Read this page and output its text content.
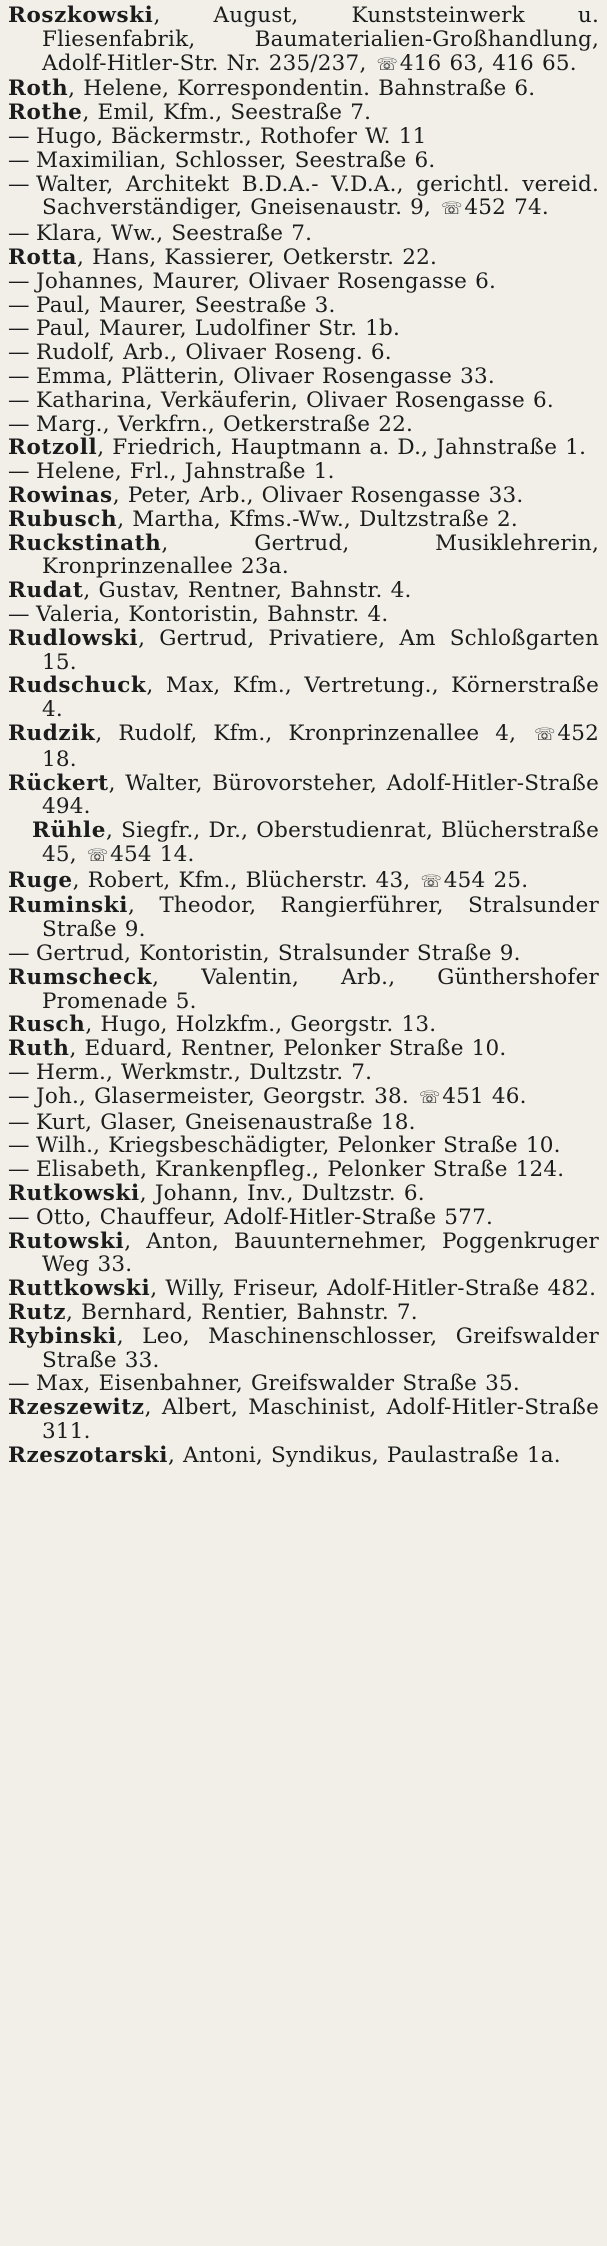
Roszkowski, August, Kunststeinwerk u. Fliesenfabrik, Baumaterialien-Großhandlung, Adolf-Hitler-Str. Nr. 235/237, ☏416 63, 416 65.

Roth, Helene, Korrespondentin. Bahnstraße 6.

Rothe, Emil, Kfm., Seestraße 7.

— Hugo, Bäckermstr., Rothofer W. 11

— Maximilian, Schlosser, Seestraße 6.

— Walter, Architekt B.D.A.- V.D.A., gerichtl. vereid. Sachverständiger, Gneisenaustr. 9, ☏452 74.

— Klara, Ww., Seestraße 7.

Rotta, Hans, Kassierer, Oetkerstr. 22.

— Johannes, Maurer, Olivaer Rosengasse 6.

— Paul, Maurer, Seestraße 3.

— Paul, Maurer, Ludolfiner Str. 1b.

— Rudolf, Arb., Olivaer Roseng. 6.

— Emma, Plätterin, Olivaer Rosengasse 33.

— Katharina, Verkäuferin, Olivaer Rosengasse 6.

— Marg., Verkfrn., Oetkerstraße 22.

Rotzoll, Friedrich, Hauptmann a. D., Jahnstraße 1.

— Helene, Frl., Jahnstraße 1.

Rowinas, Peter, Arb., Olivaer Rosengasse 33.

Rubusch, Martha, Kfms.-Ww., Dultzstraße 2.

Ruckstinath, Gertrud, Musiklehrerin, Kronprinzenallee 23a.

Rudat, Gustav, Rentner, Bahnstr. 4.

— Valeria, Kontoristin, Bahnstr. 4.

Rudlowski, Gertrud, Privatiere, Am Schloßgarten 15.

Rudschuck, Max, Kfm., Vertretung., Körnerstraße 4.

Rudzik, Rudolf, Kfm., Kronprinzenallee 4, ☏452 18.

Rückert, Walter, Bürovorsteher, Adolf-Hitler-Straße 494.

Rühle, Siegfr., Dr., Oberstudienrat, Blücherstraße 45, ☏454 14.

Ruge, Robert, Kfm., Blücherstr. 43, ☏454 25.

Ruminski, Theodor, Rangierführer, Stralsunder Straße 9.

— Gertrud, Kontoristin, Stralsunder Straße 9.

Rumscheck, Valentin, Arb., Günthershofer Promenade 5.

Rusch, Hugo, Holzkfm., Georgstr. 13.

Ruth, Eduard, Rentner, Pelonker Straße 10.

— Herm., Werkmstr., Dultzstr. 7.

— Joh., Glasermeister, Georgstr. 38. ☏451 46.

— Kurt, Glaser, Gneisenaustraße 18.

— Wilh., Kriegsbeschädigter, Pelonker Straße 10.

— Elisabeth, Krankenpfleg., Pelonker Straße 124.

Rutkowski, Johann, Inv., Dultzstr. 6.

— Otto, Chauffeur, Adolf-Hitler-Straße 577.

Rutowski, Anton, Bauunternehmer, Poggenkruger Weg 33.

Ruttkowski, Willy, Friseur, Adolf-Hitler-Straße 482.

Rutz, Bernhard, Rentier, Bahnstr. 7.

Rybinski, Leo, Maschinenschlosser, Greifswalder Straße 33.

— Max, Eisenbahner, Greifswalder Straße 35.

Rzeszewitz, Albert, Maschinist, Adolf-Hitler-Straße 311.

Rzeszotarski, Antoni, Syndikus, Paulastraße 1a.
